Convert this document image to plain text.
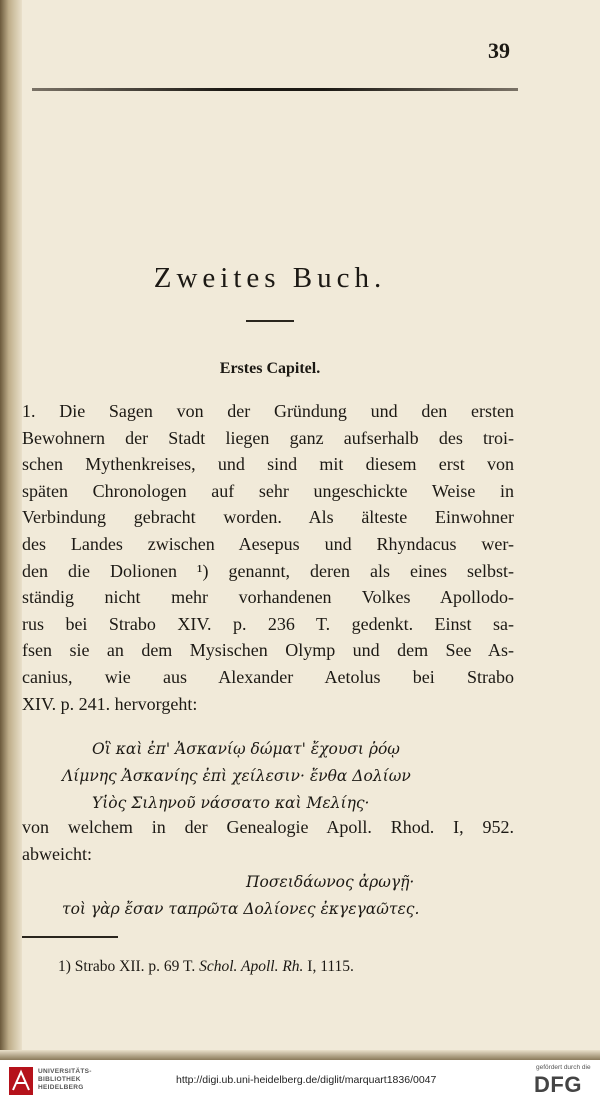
39
Zweites Buch.
Erstes Capitel.
1. Die Sagen von der Gründung und den ersten
Bewohnern der Stadt liegen ganz aufserhalb des troi-
schen Mythenkreises, und sind mit diesem erst von
späten Chronologen auf sehr ungeschickte Weise in
Verbindung gebracht worden. Als älteste Einwohner
des Landes zwischen Aesepus und Rhyndacus wer-
den die Dolionen ¹) genannt, deren als eines selbst-
ständig nicht mehr vorhandenen Volkes Apollodo-
rus bei Strabo XIV. p. 236 T. gedenkt. Einst sa-
fsen sie an dem Mysischen Olymp und dem See As-
canius, wie aus Alexander Aetolus bei Strabo
XIV. p. 241. hervorgeht:
Οἳ καὶ ἐπ' Ἀσκανίῳ δώματ' ἔχουσι ῥόῳ
Λίμνης Ἀσκανίης ἐπὶ χείλεσιν· ἔνθα Δολίων
Υἱὸς Σιληνοῦ νάσσατο καὶ Μελίης·
von welchem in der Genealogie Apoll. Rhod. I, 952.
abweicht:
Ποσειδάωνος ἀρωγῇ·
τοὶ γὰρ ἔσαν ταπρῶτα Δολίονες ἐκγεγαῶτες.
1) Strabo XII. p. 69 T. Schol. Apoll. Rh. I, 1115.
UNIVERSITÄTS-
BIBLIOTHEK
HEIDELBERG
http://digi.ub.uni-heidelberg.de/diglit/marquart1836/0047
gefördert durch die
DFG
